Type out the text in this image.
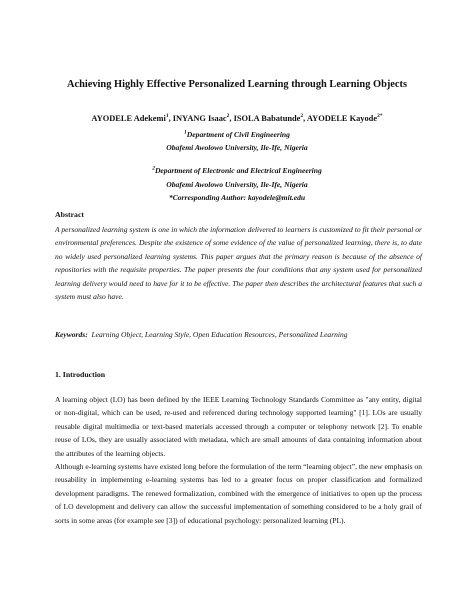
Achieving Highly Effective Personalized Learning through Learning Objects
AYODELE Adekemi$^1$, INYANG Isaac$^2$, ISOLA Babatunde$^2$, AYODELE Kayode$^{2*}$
$^1$Department of Civil Engineering
Obafemi Awolowo University, Ile-Ife, Nigeria
$^2$Department of Electronic and Electrical Engineering
Obafemi Awolowo University, Ile-Ife, Nigeria
*Corresponding Author: kayodele@mit.edu
Abstract
A personalized learning system is one in which the information delivered to learners is customized to fit their personal or environmental preferences. Despite the existence of some evidence of the value of personalized learning, there is, to date no widely used personalized learning systems. This paper argues that the primary reason is because of the absence of repositories with the requisite properties. The paper presents the four conditions that any system used for personalized learning delivery would need to have for it to be effective. The paper then describes the architectural features that such a system must also have.
Keywords: Learning Object, Learning Style, Open Education Resources, Personalized Learning
1. Introduction
A learning object (LO) has been defined by the IEEE Learning Technology Standards Committee as "any entity, digital or non-digital, which can be used, re-used and referenced during technology supported learning" [1]. LOs are usually reusable digital multimedia or text-based materials accessed through a computer or telephony network [2]. To enable reuse of LOs, they are usually associated with metadata, which are small amounts of data containing information about the attributes of the learning objects.
Although e-learning systems have existed long before the formulation of the term “learning object”, the new emphasis on reusability in implementing e-learning systems has led to a greater focus on proper classification and formalized development paradigms. The renewed formalization, combined with the emergence of initiatives to open up the process of LO development and delivery can allow the successful implementation of something considered to be a holy grail of sorts in some areas (for example see [3]) of educational psychology: personalized learning (PL).
